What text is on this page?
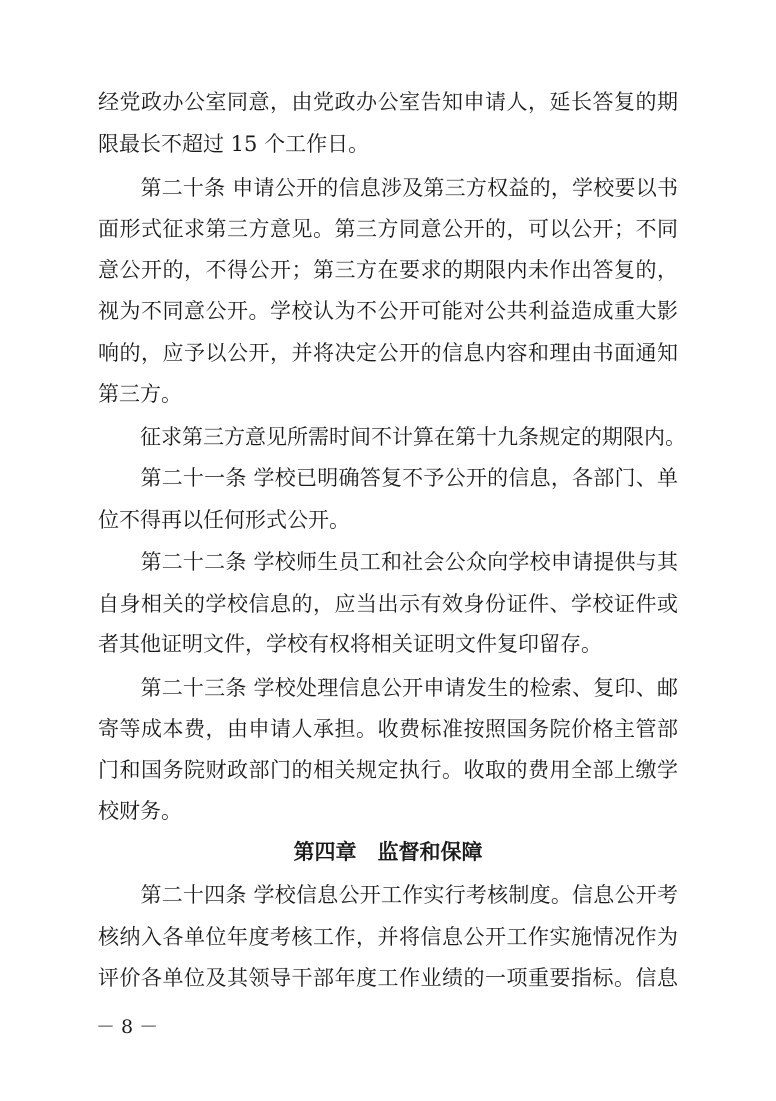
经党政办公室同意，由党政办公室告知申请人，延长答复的期
限最长不超过 15 个工作日。
　　第二十条 申请公开的信息涉及第三方权益的，学校要以书
面形式征求第三方意见。第三方同意公开的，可以公开；不同
意公开的，不得公开；第三方在要求的期限内未作出答复的，
视为不同意公开。学校认为不公开可能对公共利益造成重大影
响的，应予以公开，并将决定公开的信息内容和理由书面通知
第三方。
　　征求第三方意见所需时间不计算在第十九条规定的期限内。
　　第二十一条 学校已明确答复不予公开的信息，各部门、单
位不得再以任何形式公开。
　　第二十二条 学校师生员工和社会公众向学校申请提供与其
自身相关的学校信息的，应当出示有效身份证件、学校证件或
者其他证明文件，学校有权将相关证明文件复印留存。
　　第二十三条 学校处理信息公开申请发生的检索、复印、邮
寄等成本费，由申请人承担。收费标准按照国务院价格主管部
门和国务院财政部门的相关规定执行。收取的费用全部上缴学
校财务。
第四章　监督和保障
　　第二十四条 学校信息公开工作实行考核制度。信息公开考
核纳入各单位年度考核工作，并将信息公开工作实施情况作为
评价各单位及其领导干部年度工作业绩的一项重要指标。信息
－ 8 －
